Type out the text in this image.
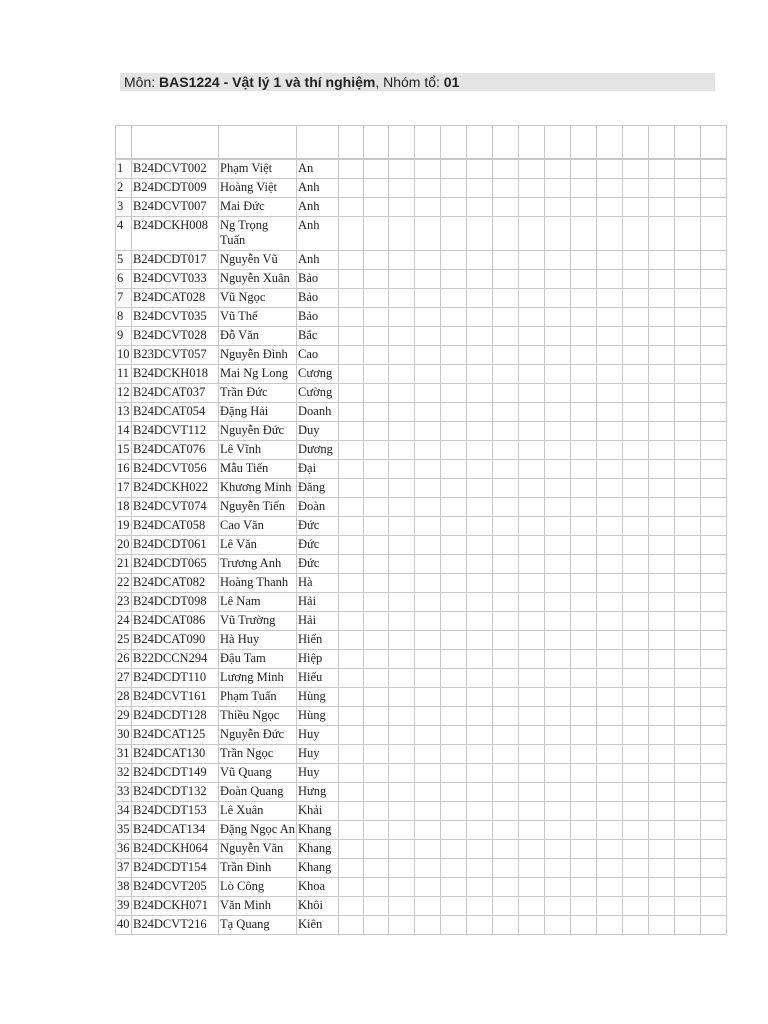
Môn: BAS1224 - Vật lý 1 và thí nghiệm, Nhóm tổ: 01

1	B24DCVT002	Phạm Việt	An															
2	B24DCDT009	Hoàng Việt	Anh															
3	B24DCVT007	Mai Đức	Anh															
4	B24DCKH008	Ng Trọng Tuấn	Anh															
5	B24DCDT017	Nguyễn Vũ	Anh															
6	B24DCVT033	Nguyễn Xuân	Bảo															
7	B24DCAT028	Vũ Ngọc	Bảo															
8	B24DCVT035	Vũ Thế	Bảo															
9	B24DCVT028	Đỗ Văn	Bắc															
10	B23DCVT057	Nguyễn Đình	Cao															
11	B24DCKH018	Mai Ng Long	Cương															
12	B24DCAT037	Trần Đức	Cường															
13	B24DCAT054	Đặng Hải	Doanh															
14	B24DCVT112	Nguyễn Đức	Duy															
15	B24DCAT076	Lê Vĩnh	Dương															
16	B24DCVT056	Mẫu Tiến	Đại															
17	B24DCKH022	Khương Minh	Đăng															
18	B24DCVT074	Nguyễn Tiến	Đoàn															
19	B24DCAT058	Cao Văn	Đức															
20	B24DCDT061	Lê Văn	Đức															
21	B24DCDT065	Trương Anh	Đức															
22	B24DCAT082	Hoàng Thanh	Hà															
23	B24DCDT098	Lê Nam	Hải															
24	B24DCAT086	Vũ Trường	Hải															
25	B24DCAT090	Hà Huy	Hiển															
26	B22DCCN294	Đậu Tam	Hiệp															
27	B24DCDT110	Lương Minh	Hiếu															
28	B24DCVT161	Phạm Tuấn	Hùng															
29	B24DCDT128	Thiều Ngọc	Hùng															
30	B24DCAT125	Nguyễn Đức	Huy															
31	B24DCAT130	Trần Ngọc	Huy															
32	B24DCDT149	Vũ Quang	Huy															
33	B24DCDT132	Đoàn Quang	Hưng															
34	B24DCDT153	Lê Xuân	Khải															
35	B24DCAT134	Đặng Ngọc An	Khang															
36	B24DCKH064	Nguyễn Văn	Khang															
37	B24DCDT154	Trần Đình	Khang															
38	B24DCVT205	Lò Công	Khoa															
39	B24DCKH071	Văn Minh	Khôi															
40	B24DCVT216	Tạ Quang	Kiên															
